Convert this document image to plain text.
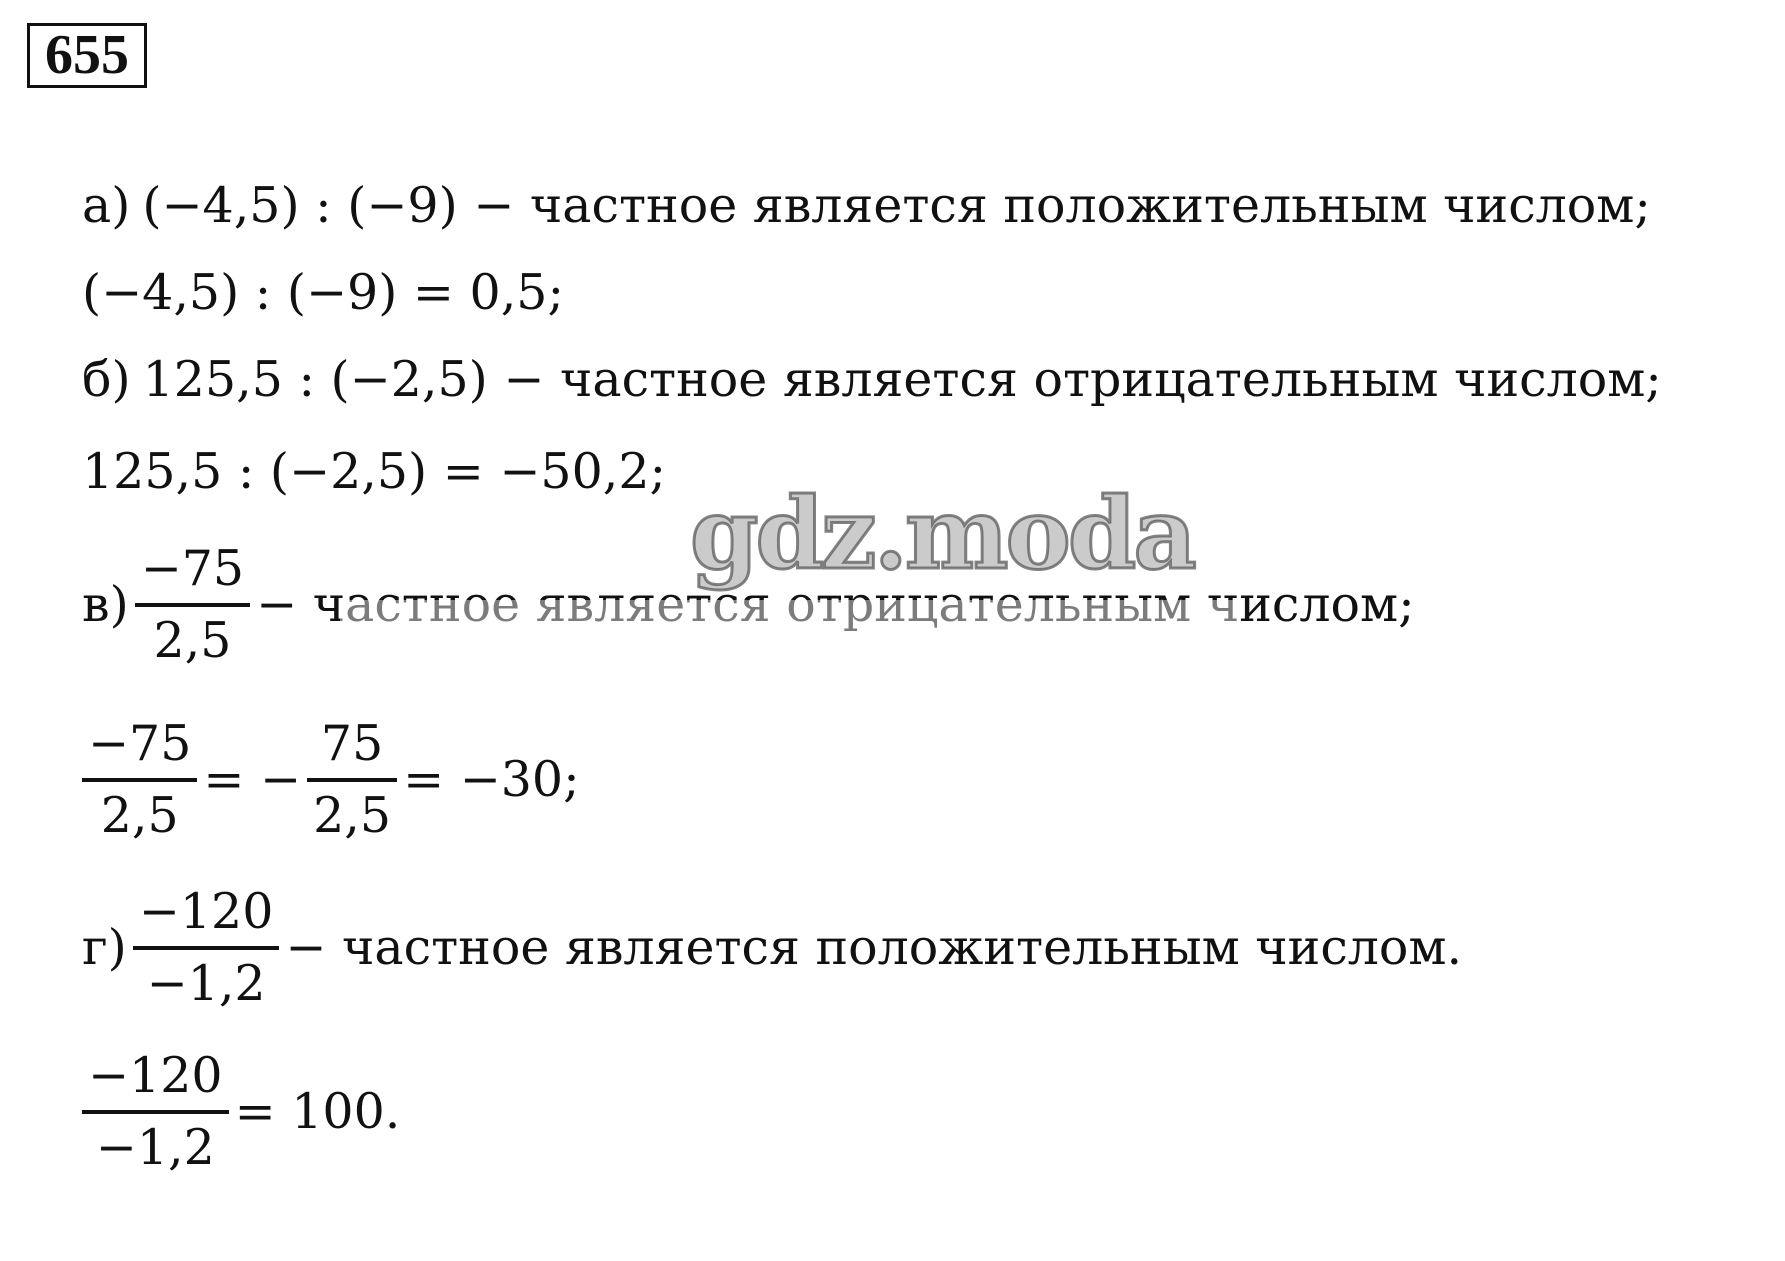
655
а) (−4,5) : (−9) − частное является положительным числом;
(−4,5) : (−9) = 0,5;
б) 125,5 : (−2,5) − частное является отрицательным числом;
125,5 : (−2,5) = −50,2;
$в) \frac{-75}{2,5}$ − частное является отрицательным числом;
$\frac{-75}{2,5}$ = − $\frac{75}{2,5} = -30$;
$г) \frac{-120}{-1,2}$ − частное является положительным числом.
$\frac{-120}{-1,2} = 100$.
gdz.moda
